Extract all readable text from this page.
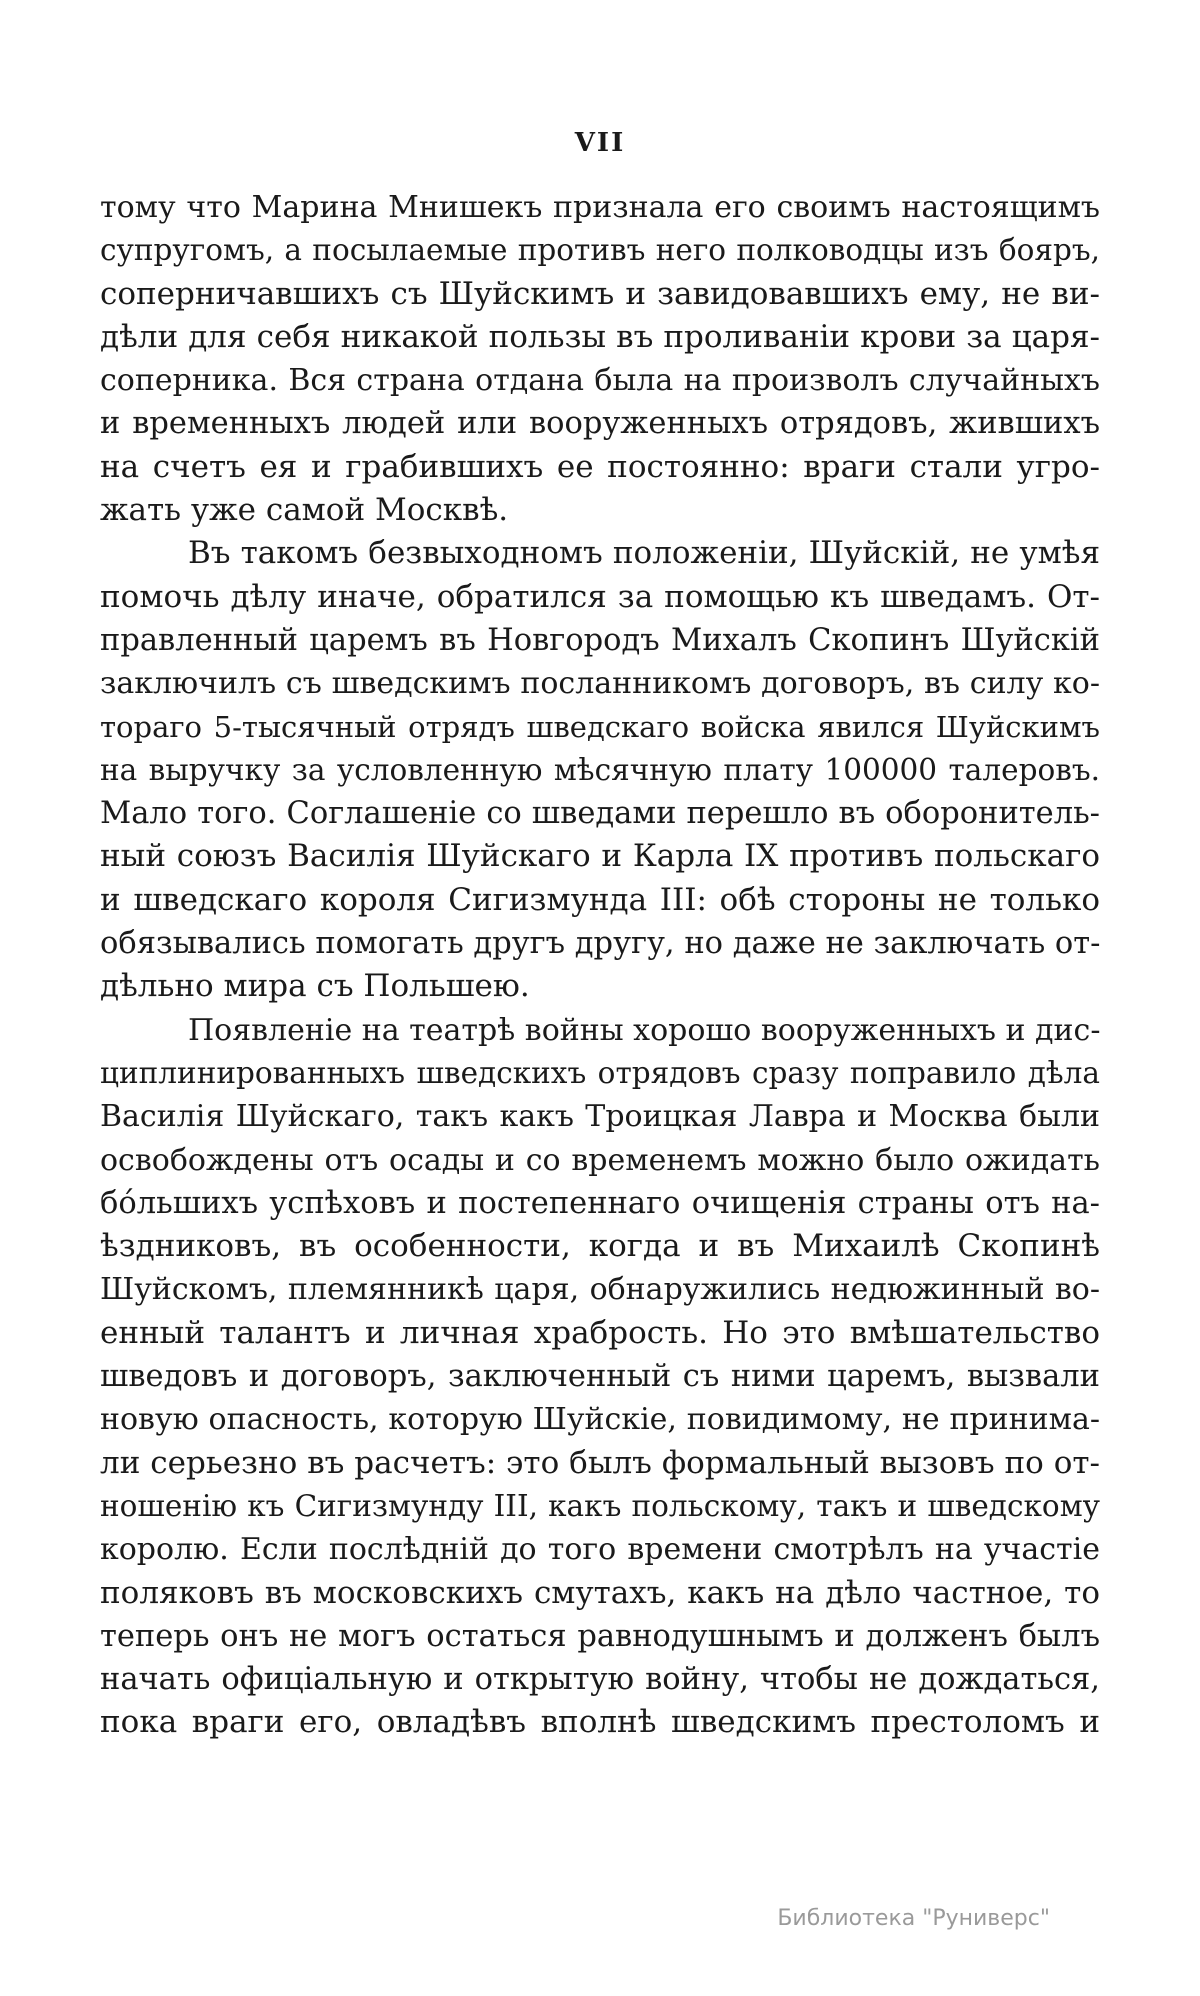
VII
тому что Марина Мнишекъ признала его своимъ настоящимъ
супругомъ, а посылаемые противъ него полководцы изъ бояръ,
соперничавшихъ съ Шуйскимъ и завидовавшихъ ему, не ви-
дѣли для себя никакой пользы въ проливаніи крови за царя-
соперника. Вся страна отдана была на произволъ случайныхъ
и временныхъ людей или вооруженныхъ отрядовъ, жившихъ
на счетъ ея и грабившихъ ее постоянно: враги стали угро-
жать уже самой Москвѣ.
Въ такомъ безвыходномъ положеніи, Шуйскій, не умѣя
помочь дѣлу иначе, обратился за помощью къ шведамъ. От-
правленный царемъ въ Новгородъ Михалъ Скопинъ Шуйскій
заключилъ съ шведскимъ посланникомъ договоръ, въ силу ко-
тораго 5-тысячный отрядъ шведскаго войска явился Шуйскимъ
на выручку за условленную мѣсячную плату 100000 талеровъ.
Мало того. Соглашеніе со шведами перешло въ оборонитель-
ный союзъ Василія Шуйскаго и Карла IX противъ польскаго
и шведскаго короля Сигизмунда III: обѣ стороны не только
обязывались помогать другъ другу, но даже не заключать от-
дѣльно мира съ Польшею.
Появленіе на театрѣ войны хорошо вооруженныхъ и дис-
циплинированныхъ шведскихъ отрядовъ сразу поправило дѣла
Василія Шуйскаго, такъ какъ Троицкая Лавра и Москва были
освобождены отъ осады и со временемъ можно было ожидать
бóльшихъ успѣховъ и постепеннаго очищенія страны отъ на-
ѣздниковъ, въ особенности, когда и въ Михаилѣ Скопинѣ
Шуйскомъ, племянникѣ царя, обнаружились недюжинный во-
енный талантъ и личная храбрость. Но это вмѣшательство
шведовъ и договоръ, заключенный съ ними царемъ, вызвали
новую опасность, которую Шуйскіе, повидимому, не принима-
ли серьезно въ расчетъ: это былъ формальный вызовъ по от-
ношенію къ Сигизмунду III, какъ польскому, такъ и шведскому
королю. Если послѣдній до того времени смотрѣлъ на участіе
поляковъ въ московскихъ смутахъ, какъ на дѣло частное, то
теперь онъ не могъ остаться равнодушнымъ и долженъ былъ
начать офиціальную и открытую войну, чтобы не дождаться,
пока враги его, овладѣвъ вполнѣ шведскимъ престоломъ и
Библиотека "Руниверс"
